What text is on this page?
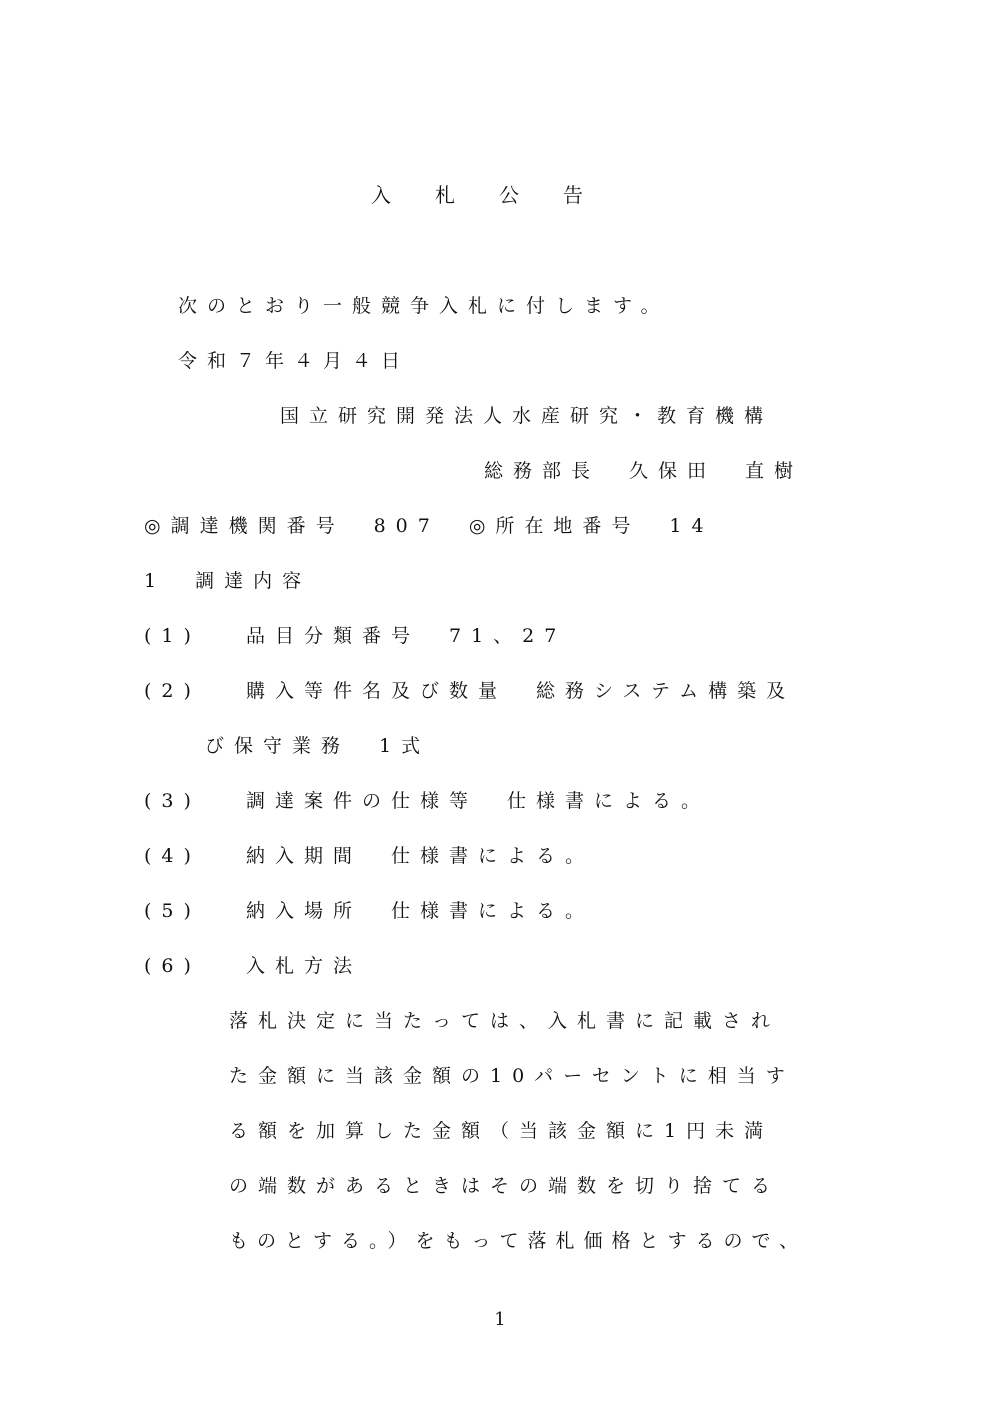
入札公告
次のとおり一般競争入札に付します。
令和７年４月４日
国立研究開発法人水産研究・教育機構
総務部長　久保田　直樹
◎調達機関番号　807　◎所在地番号　14
1　調達内容
(1) 品目分類番号　71、27
(2) 購入等件名及び数量　総務システム構築及
び保守業務　1式
(3) 調達案件の仕様等　仕様書による。
(4) 納入期間　仕様書による。
(5) 納入場所　仕様書による。
(6) 入札方法
落札決定に当たっては、入札書に記載され
た金額に当該金額の10パーセントに相当す
る額を加算した金額（当該金額に1円未満
の端数があるときはその端数を切り捨てる
ものとする。）をもって落札価格とするので、
1
